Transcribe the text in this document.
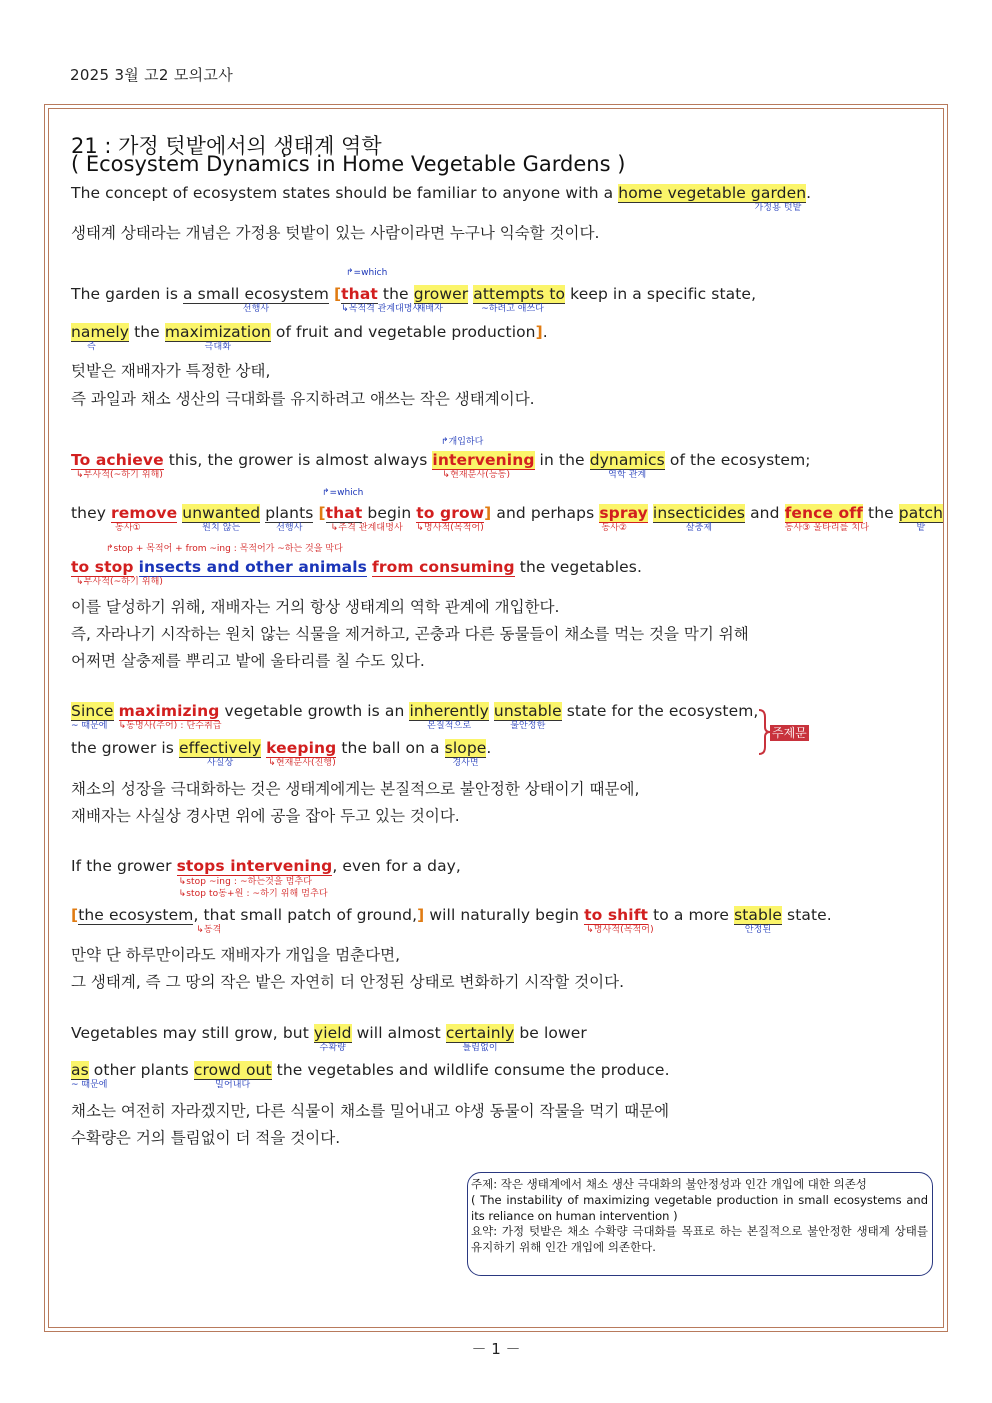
2025 3월 고2 모의고사
21 : 가정 텃밭에서의 생태계 역학
( Ecosystem Dynamics in Home Vegetable Gardens )
The concept of ecosystem states should be familiar to anyone with a home vegetable garden
가정용 텃밭
.
생태계 상태라는 개념은 가정용 텃밭이 있는 사람이라면 누구나 익숙할 것이다.
↱=which
The garden is a small ecosystem
선행사
[that
↳목적격 관계대명사
the grower
재배자
attempts to
~하려고 애쓰다
keep in a specific state,
namely
즉
the maximization
극대화
of fruit and vegetable production].
텃밭은 재배자가 특정한 상태,
즉 과일과 채소 생산의 극대화를 유지하려고 애쓰는 작은 생태계이다.
↱개입하다
To achieve
↳부사적(~하기 위해)
this, the grower is almost always intervening
↳현재분사(능동)
in the dynamics
역학 관계
of the ecosystem;
↱=which
they remove
동사①
unwanted
원치 않는
plants
선행사
[that
↳주격 관계대명사
begin to grow
↳명사적(목적어)
] and perhaps spray
동사②
insecticides
살충제
and fence off
동사③ 울타리를 치다
the patch
밭
↱stop + 목적어 + from ~ing : 목적어가 ~하는 것을 막다
to stop
↳부사적(~하기 위해)
insects and other animals from consuming the vegetables.
이를 달성하기 위해, 재배자는 거의 항상 생태계의 역학 관계에 개입한다.
즉, 자라나기 시작하는 원치 않는 식물을 제거하고, 곤충과 다른 동물들이 채소를 먹는 것을 막기 위해
어쩌면 살충제를 뿌리고 밭에 울타리를 칠 수도 있다.
Since
~ 때문에
maximizing
↳동명사(주어) : 단수취급
vegetable growth is an inherently
본질적으로
unstable
불안정한
state for the ecosystem,
the grower is effectively
사실상
keeping
↳현재분사(진행)
the ball on a slope
경사면
.
주제문
채소의 성장을 극대화하는 것은 생태계에게는 본질적으로 불안정한 상태이기 때문에,
재배자는 사실상 경사면 위에 공을 잡아 두고 있는 것이다.
If the grower stops intervening
↳stop ~ing : ~하는것을 멈추다
↳stop to동+원 : ~하기 위해 멈추다
, even for a day,
[the ecosystem
↳동격
, that small patch of ground,] will naturally begin to shift
↳명사적(목적어)
to a more stable
안정된
state.
만약 단 하루만이라도 재배자가 개입을 멈춘다면,
그 생태계, 즉 그 땅의 작은 밭은 자연히 더 안정된 상태로 변화하기 시작할 것이다.
Vegetables may still grow, but yield
수확량
will almost certainly
틀림없이
be lower
as
~ 때문에
other plants crowd out
밀어내다
the vegetables and wildlife consume the produce.
채소는 여전히 자라겠지만, 다른 식물이 채소를 밀어내고 야생 동물이 작물을 먹기 때문에
수확량은 거의 틀림없이 더 적을 것이다.
주제: 작은 생태계에서 채소 생산 극대화의 불안정성과 인간 개입에 대한 의존성
( The instability of maximizing vegetable production in small ecosystems and its reliance on human intervention )
요약: 가정 텃밭은 채소 수확량 극대화를 목표로 하는 본질적으로 불안정한 생태계 상태를 유지하기 위해 인간 개입에 의존한다.
－ 1 －
